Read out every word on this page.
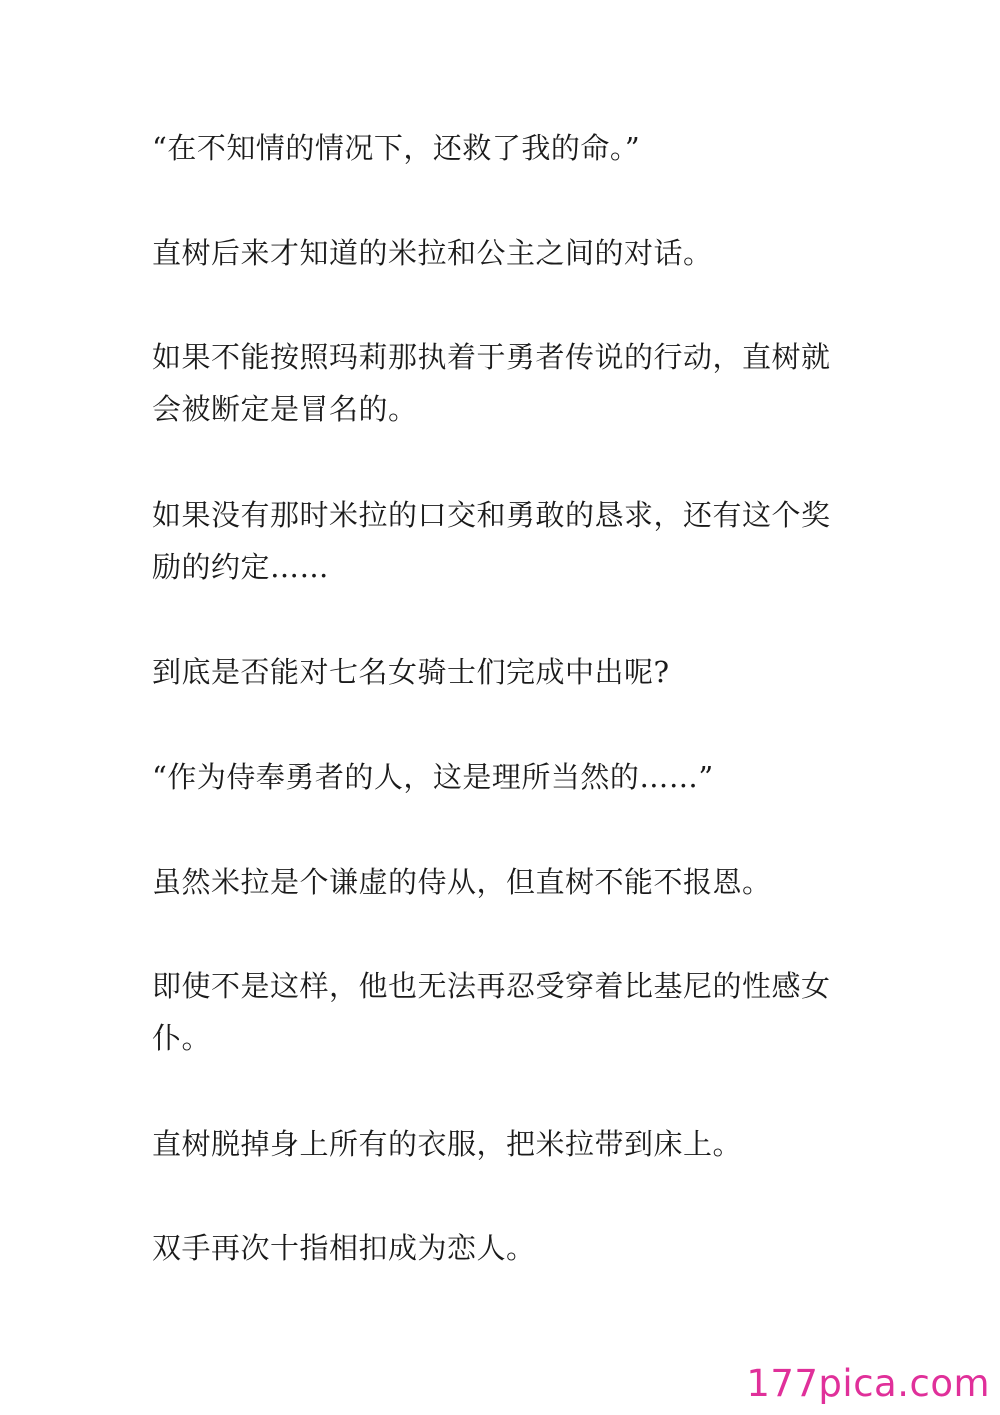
“在不知情的情况下，还救了我的命。”

直树后来才知道的米拉和公主之间的对话。

如果不能按照玛莉那执着于勇者传说的行动，直树就会被断定是冒名的。

如果没有那时米拉的口交和勇敢的恳求，还有这个奖励的约定……

到底是否能对七名女骑士们完成中出呢?

“作为侍奉勇者的人，这是理所当然的……”

虽然米拉是个谦虚的侍从，但直树不能不报恩。

即使不是这样，他也无法再忍受穿着比基尼的性感女仆。

直树脱掉身上所有的衣服，把米拉带到床上。

双手再次十指相扣成为恋人。

177pica.com
